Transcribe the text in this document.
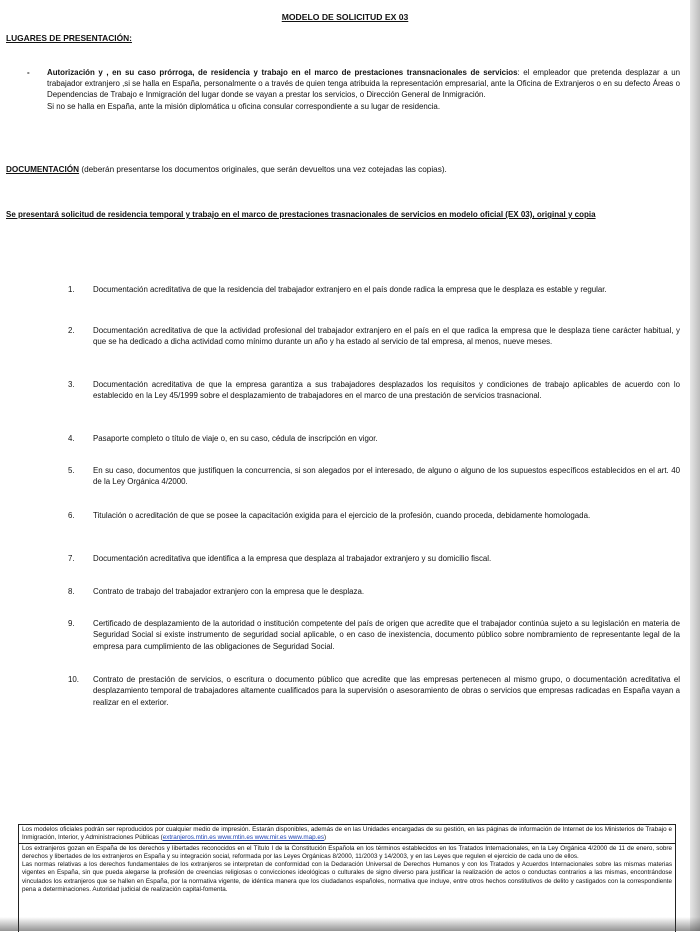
MODELO DE SOLICITUD EX 03
LUGARES DE PRESENTACIÓN:
- Autorización y , en su caso prórroga, de residencia y trabajo en el marco de prestaciones transnacionales de servicios: el empleador que pretenda desplazar a un trabajador extranjero ,si se halla en España, personalmente o a través de quien tenga atribuida la representación empresarial, ante la Oficina de Extranjeros o en su defecto Áreas o Dependencias de Trabajo e Inmigración del lugar donde se vayan a prestar los servicios, o Dirección General de Inmigración.
Si no se halla en España, ante la misión diplomática u oficina consular correspondiente a su lugar de residencia.
DOCUMENTACIÓN (deberán presentarse los documentos originales, que serán devueltos una vez cotejadas las copias).
Se presentará solicitud de residencia temporal y trabajo en el marco de prestaciones trasnacionales de servicios en modelo oficial (EX 03), original y copia
1. Documentación acreditativa de que la residencia del trabajador extranjero en el país donde radica la empresa que le desplaza es estable y regular.
2. Documentación acreditativa de que la actividad profesional del trabajador extranjero en el país en el que radica la empresa que le desplaza tiene carácter habitual, y que se ha dedicado a dicha actividad como mínimo durante un año y ha estado al servicio de tal empresa, al menos, nueve meses.
3. Documentación acreditativa de que la empresa garantiza a sus trabajadores desplazados los requisitos y condiciones de trabajo aplicables de acuerdo con lo establecido en la Ley 45/1999 sobre el desplazamiento de trabajadores en el marco de una prestación de servicios trasnacional.
4. Pasaporte completo o título de viaje o, en su caso, cédula de inscripción en vigor.
5. En su caso, documentos que justifiquen la concurrencia, si son alegados por el interesado, de alguno o alguno de los supuestos específicos establecidos en el art. 40 de la Ley Orgánica 4/2000.
6. Titulación o acreditación de que se posee la capacitación exigida para el ejercicio de la profesión, cuando proceda, debidamente homologada.
7. Documentación acreditativa que identifica a la empresa que desplaza al trabajador extranjero y su domicilio fiscal.
8. Contrato de trabajo del trabajador extranjero con la empresa que le desplaza.
9. Certificado de desplazamiento de la autoridad o institución competente del país de origen que acredite que el trabajador continúa sujeto a su legislación en materia de Seguridad Social si existe instrumento de seguridad social aplicable, o en caso de inexistencia, documento público sobre nombramiento de representante legal de la empresa para cumplimiento de las obligaciones de Seguridad Social.
10. Contrato de prestación de servicios, o escritura o documento público que acredite que las empresas pertenecen al mismo grupo, o documentación acreditativa el desplazamiento temporal de trabajadores altamente cualificados para la supervisión o asesoramiento de obras o servicios que empresas radicadas en España vayan a realizar en el exterior.
Los modelos oficiales podrán ser reproducidos por cualquier medio de impresión. Estarán disponibles, además de en las Unidades encargadas de su gestión, en las páginas de información de Internet de los Ministerios de Trabajo e Inmigración, Interior, y Administraciones Públicas (extranjeros.mtin.es www.mtin.es www.mir.es www.map.es)
Los extranjeros gozan en España de los derechos y libertades reconocidos en el Título I de la Constitución Española en los términos establecidos en los Tratados Internacionales, en la Ley Orgánica 4/2000 de 11 de enero, sobre derechos y libertades de los extranjeros en España y su integración social, reformada por las Leyes Orgánicas 8/2000, 11/2003 y 14/2003, y en las Leyes que regulen el ejercicio de cada uno de ellos.
Las normas relativas a los derechos fundamentales de los extranjeros se interpretan de conformidad con la Dedaración Universal de Derechos Humanos y con los Tratados y Acuerdos Internacionales sobre las mismas materias vigentes en España, sin que pueda alegarse la profesión de creencias religiosas o convicciones ideológicas o culturales de signo diverso para justificar la realización de actos o conductas contrarios a las mismas, encontrándose vinculados los extranjeros que se hallen en España, por la normativa vigente, de idéntica manera que los ciudadanos españoles, normativa que incluye, entre otros hechos constitutivos de delito y castigados con la correspondiente pena a determinaciones. Autoridad judicial de realización capital-fomenta.
